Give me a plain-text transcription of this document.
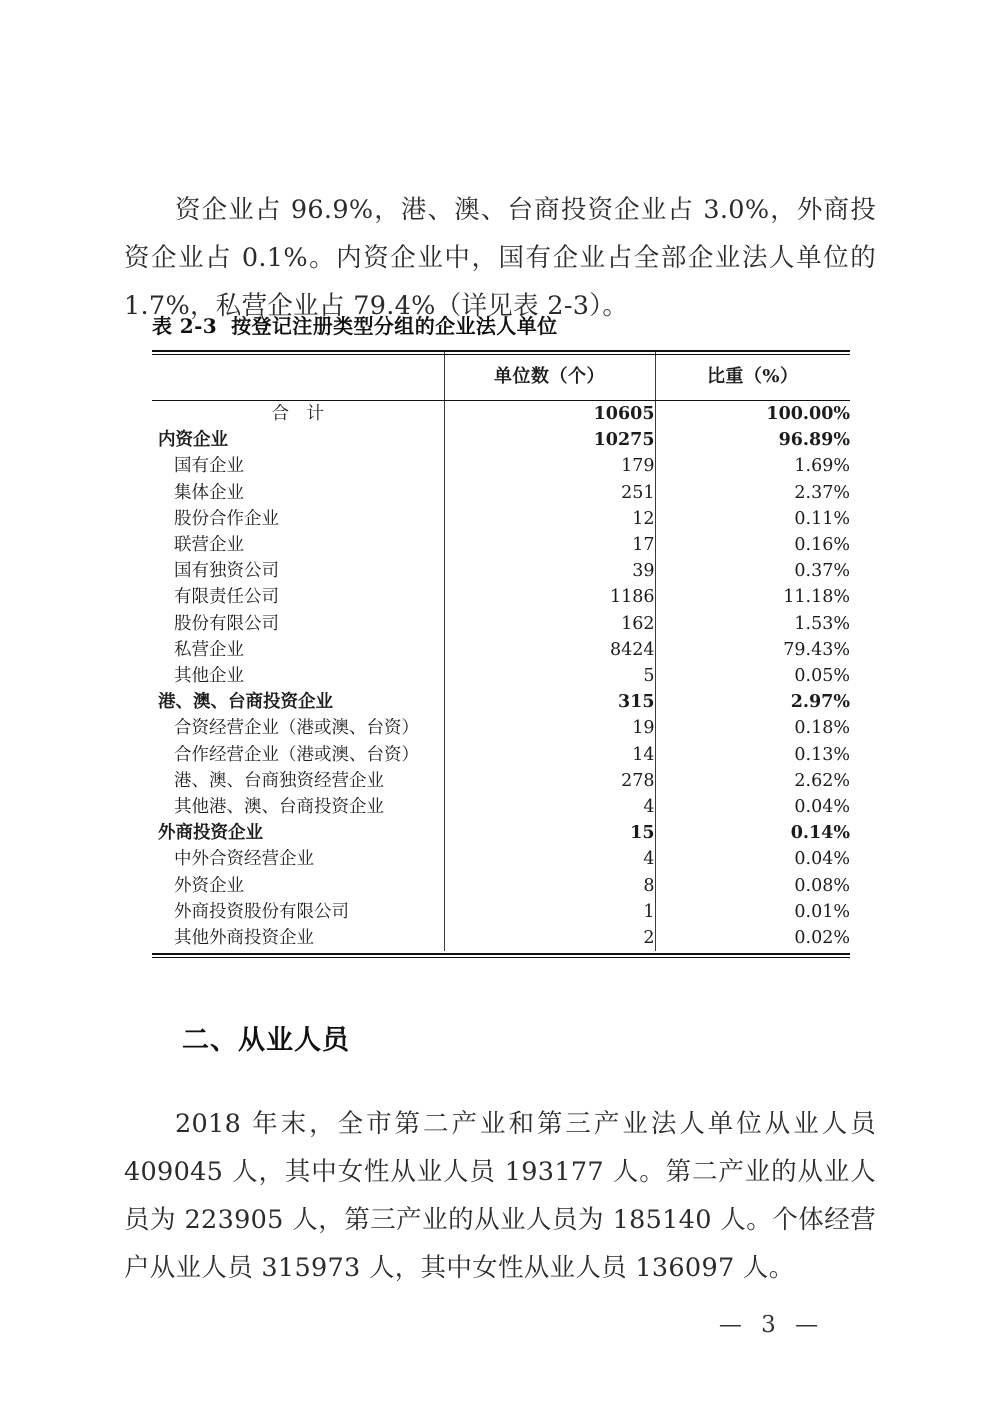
资企业占 96.9%，港、澳、台商投资企业占 3.0%，外商投资企业占 0.1%。内资企业中，国有企业占全部企业法人单位的 1.7%，私营企业占 79.4%（详见表 2-3）。

表 2-3 按登记注册类型分组的企业法人单位
	单位数（个）	比重（%）
合　计	10605	100.00%
内资企业	10275	96.89%
国有企业	179	1.69%
集体企业	251	2.37%
股份合作企业	12	0.11%
联营企业	17	0.16%
国有独资公司	39	0.37%
有限责任公司	1186	11.18%
股份有限公司	162	1.53%
私营企业	8424	79.43%
其他企业	5	0.05%
港、澳、台商投资企业	315	2.97%
合资经营企业（港或澳、台资）	19	0.18%
合作经营企业（港或澳、台资）	14	0.13%
港、澳、台商独资经营企业	278	2.62%
其他港、澳、台商投资企业	4	0.04%
外商投资企业	15	0.14%
中外合资经营企业	4	0.04%
外资企业	8	0.08%
外商投资股份有限公司	1	0.01%
其他外商投资企业	2	0.02%
二、从业人员

2018 年末，全市第二产业和第三产业法人单位从业人员 409045 人，其中女性从业人员 193177 人。第二产业的从业人员为 223905 人，第三产业的从业人员为 185140 人。个体经营户从业人员 315973 人，其中女性从业人员 136097 人。

— 3 —
